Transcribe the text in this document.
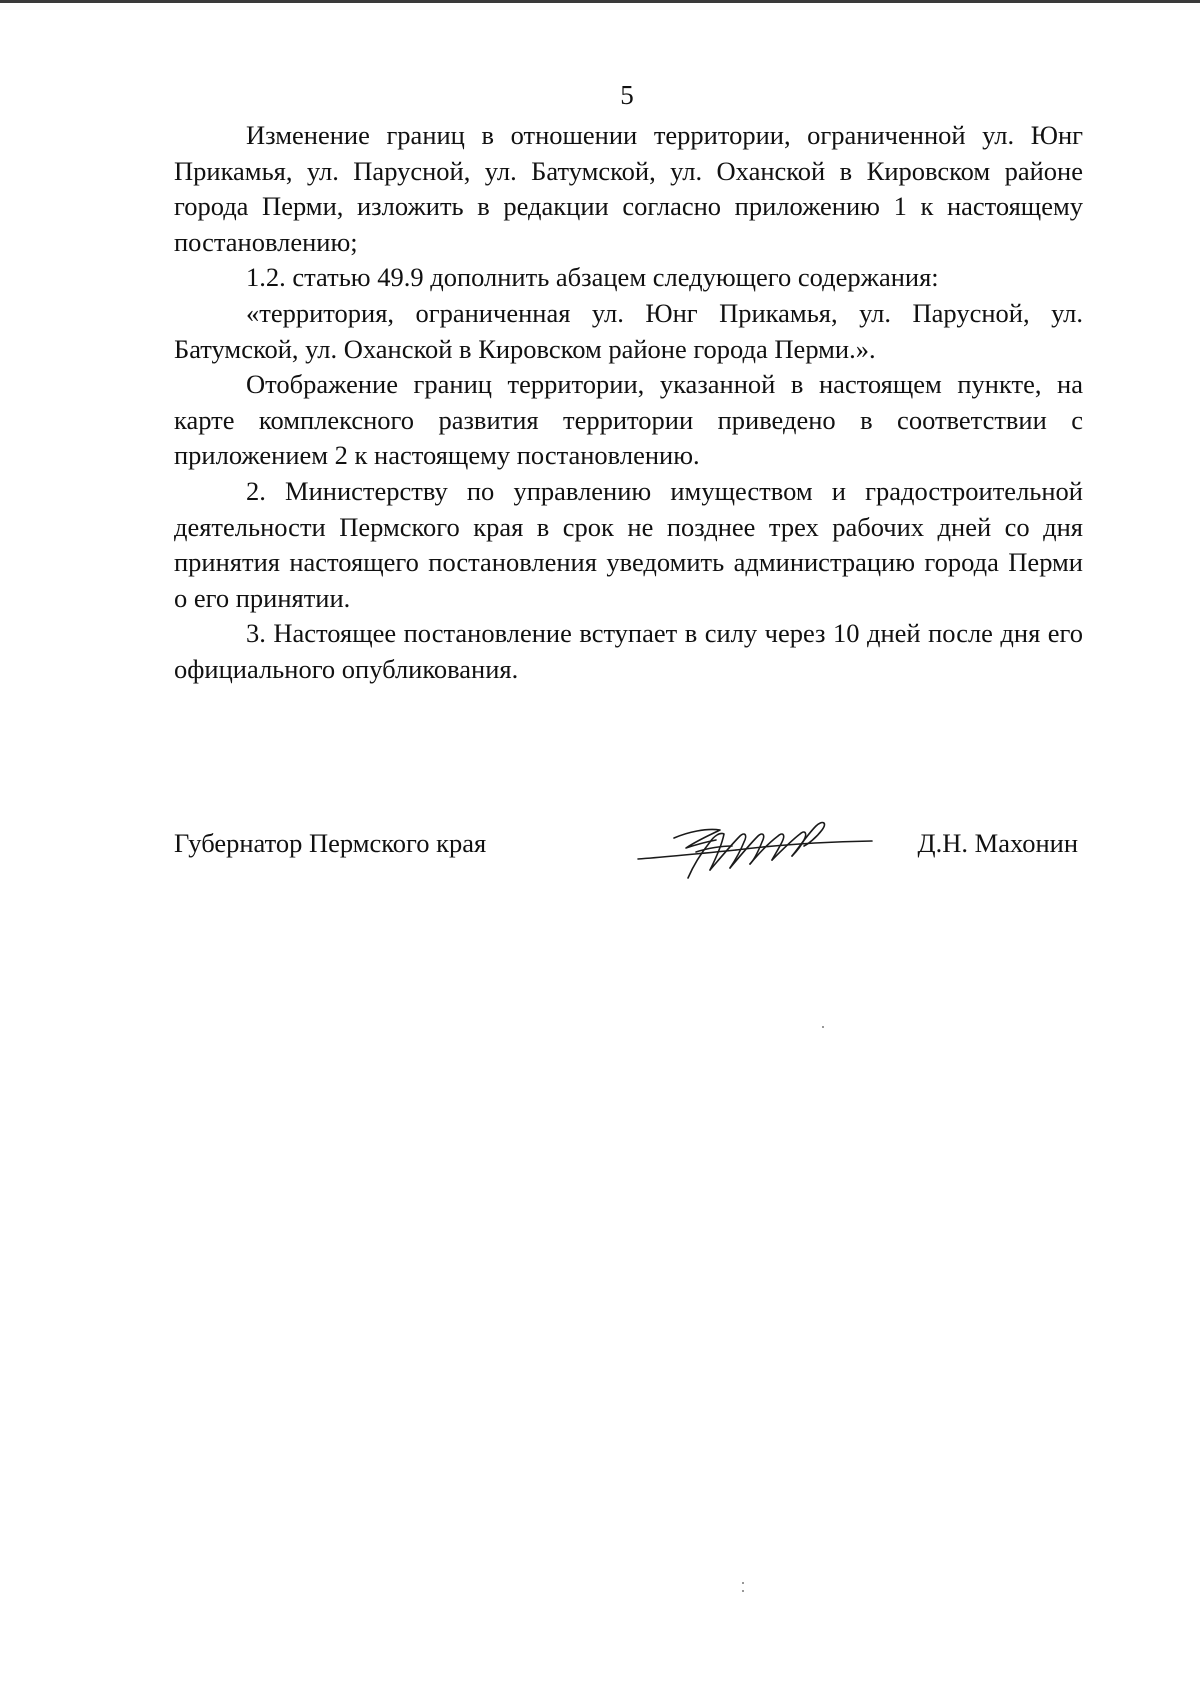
5

Изменение границ в отношении территории, ограниченной ул. Юнг Прикамья, ул. Парусной, ул. Батумской, ул. Оханской в Кировском районе города Перми, изложить в редакции согласно приложению 1 к настоящему постановлению;

1.2. статью 49.9 дополнить абзацем следующего содержания:

«территория, ограниченная ул. Юнг Прикамья, ул. Парусной, ул. Батумской, ул. Оханской в Кировском районе города Перми.».

Отображение границ территории, указанной в настоящем пункте, на карте комплексного развития территории приведено в соответствии с приложением 2 к настоящему постановлению.

2. Министерству по управлению имуществом и градостроительной деятельности Пермского края в срок не позднее трех рабочих дней со дня принятия настоящего постановления уведомить администрацию города Перми о его принятии.

3. Настоящее постановление вступает в силу через 10 дней после дня его официального опубликования.

Губернатор Пермского края	Д.Н. Махонин
